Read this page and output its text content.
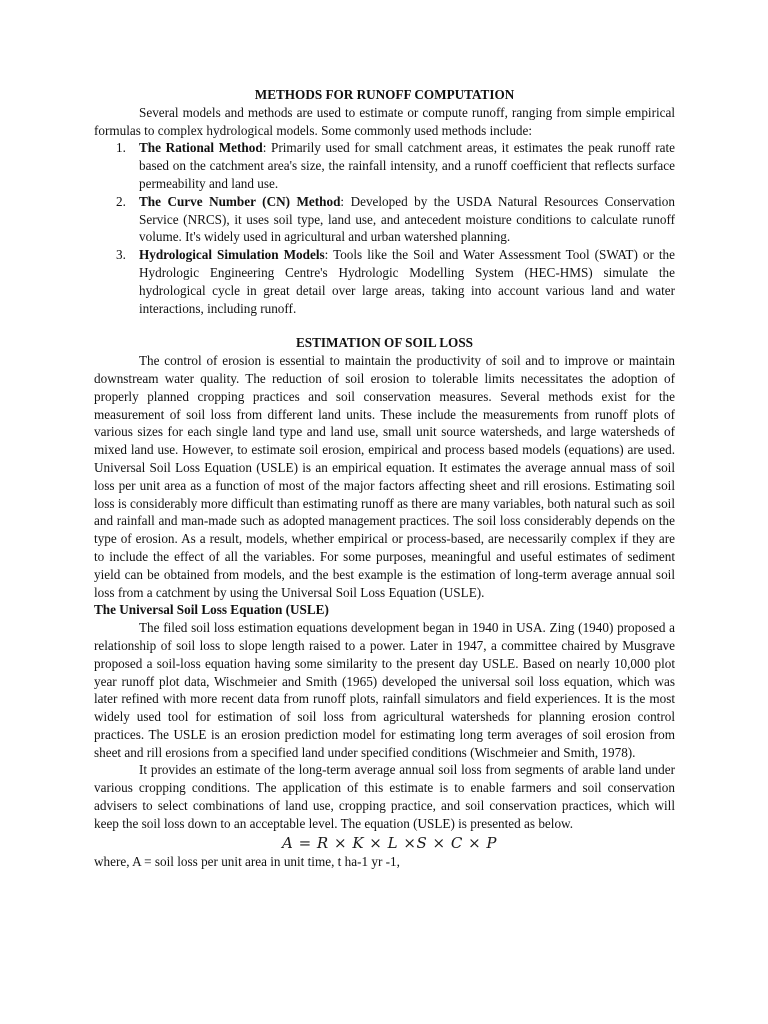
METHODS FOR RUNOFF COMPUTATION

Several models and methods are used to estimate or compute runoff, ranging from simple empirical formulas to complex hydrological models. Some commonly used methods include:

1. The Rational Method: Primarily used for small catchment areas, it estimates the peak runoff rate based on the catchment area's size, the rainfall intensity, and a runoff coefficient that reflects surface permeability and land use.
2. The Curve Number (CN) Method: Developed by the USDA Natural Resources Conservation Service (NRCS), it uses soil type, land use, and antecedent moisture conditions to calculate runoff volume. It's widely used in agricultural and urban watershed planning.
3. Hydrological Simulation Models: Tools like the Soil and Water Assessment Tool (SWAT) or the Hydrologic Engineering Centre's Hydrologic Modelling System (HEC-HMS) simulate the hydrological cycle in great detail over large areas, taking into account various land and water interactions, including runoff.

ESTIMATION OF SOIL LOSS

The control of erosion is essential to maintain the productivity of soil and to improve or maintain downstream water quality. The reduction of soil erosion to tolerable limits necessitates the adoption of properly planned cropping practices and soil conservation measures. Several methods exist for the measurement of soil loss from different land units. These include the measurements from runoff plots of various sizes for each single land type and land use, small unit source watersheds, and large watersheds of mixed land use. However, to estimate soil erosion, empirical and process based models (equations) are used. Universal Soil Loss Equation (USLE) is an empirical equation. It estimates the average annual mass of soil loss per unit area as a function of most of the major factors affecting sheet and rill erosions. Estimating soil loss is considerably more difficult than estimating runoff as there are many variables, both natural such as soil and rainfall and man-made such as adopted management practices. The soil loss considerably depends on the type of erosion. As a result, models, whether empirical or process-based, are necessarily complex if they are to include the effect of all the variables. For some purposes, meaningful and useful estimates of sediment yield can be obtained from models, and the best example is the estimation of long-term average annual soil loss from a catchment by using the Universal Soil Loss Equation (USLE).

The Universal Soil Loss Equation (USLE)

The filed soil loss estimation equations development began in 1940 in USA. Zing (1940) proposed a relationship of soil loss to slope length raised to a power. Later in 1947, a committee chaired by Musgrave proposed a soil-loss equation having some similarity to the present day USLE. Based on nearly 10,000 plot year runoff plot data, Wischmeier and Smith (1965) developed the universal soil loss equation, which was later refined with more recent data from runoff plots, rainfall simulators and field experiences. It is the most widely used tool for estimation of soil loss from agricultural watersheds for planning erosion control practices. The USLE is an erosion prediction model for estimating long term averages of soil erosion from sheet and rill erosions from a specified land under specified conditions (Wischmeier and Smith, 1978).

It provides an estimate of the long-term average annual soil loss from segments of arable land under various cropping conditions. The application of this estimate is to enable farmers and soil conservation advisers to select combinations of land use, cropping practice, and soil conservation practices, which will keep the soil loss down to an acceptable level. The equation (USLE) is presented as below.

A = R × K × L ×S × C × P

where, A = soil loss per unit area in unit time, t ha-1 yr -1,
